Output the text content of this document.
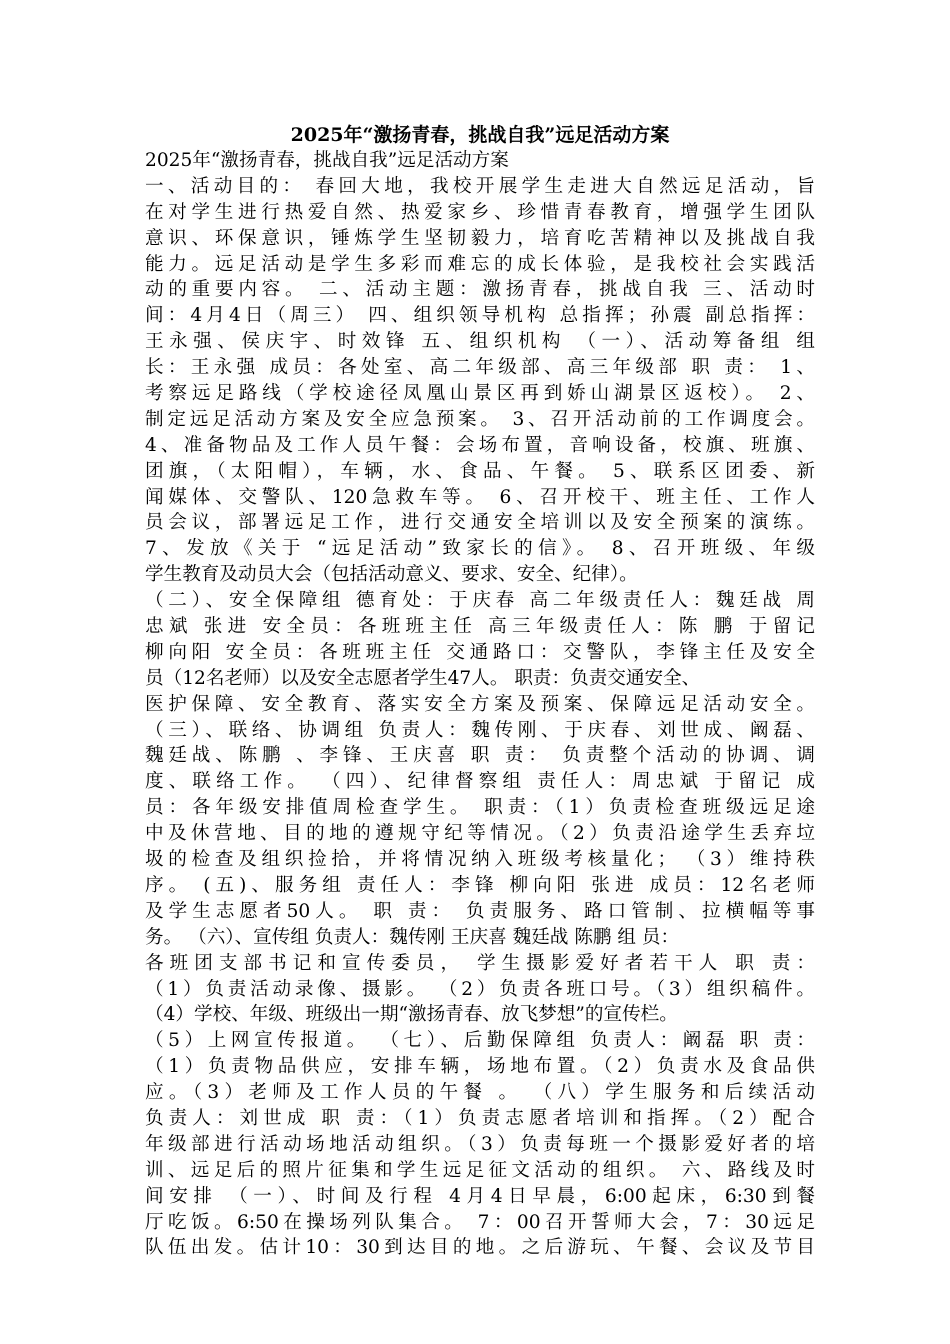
2025年“激扬青春，挑战自我”远足活动方案
2025年“激扬青春，挑战自我”远足活动方案
一、活动目的： 春回大地，我校开展学生走进大自然远足活动，旨
在对学生进行热爱自然、热爱家乡、珍惜青春教育，增强学生团队
意识、环保意识，锤炼学生坚韧毅力，培育吃苦精神以及挑战自我
能力。远足活动是学生多彩而难忘的成长体验，是我校社会实践活
动的重要内容。 二、活动主题：激扬青春，挑战自我 三、活动时
间：4月4日（周三） 四、组织领导机构 总指挥；孙震 副总指挥：
王永强、侯庆宇、时效锋 五、组织机构 （一）、活动筹备组 组
长：王永强 成员：各处室、高二年级部、高三年级部 职 责： 1、
考察远足路线（学校途径凤凰山景区再到娇山湖景区返校）。 2、
制定远足活动方案及安全应急预案。 3、召开活动前的工作调度会。
4、准备物品及工作人员午餐：会场布置，音响设备，校旗、班旗、
团旗，（太阳帽），车辆，水、食品、午餐。 5、联系区团委、新
闻媒体、交警队、120急救车等。 6、召开校干、班主任、工作人
员会议，部署远足工作，进行交通安全培训以及安全预案的演练。
7、发放《关于 “远足活动”致家长的信》。 8、召开班级、年级
学生教育及动员大会（包括活动意义、要求、安全、纪律）。
（二）、安全保障组 德育处：于庆春 高二年级责任人：魏廷战 周
忠斌 张进 安全员：各班班主任 高三年级责任人：陈 鹏 于留记
柳向阳 安全员：各班班主任 交通路口：交警队，李锋主任及安全
员（12名老师）以及安全志愿者学生47人。 职责：负责交通安全、
医护保障、安全教育、落实安全方案及预案、保障远足活动安全。
（三）、联络、协调组 负责人：魏传刚、于庆春、刘世成、阚磊、
魏廷战、陈鹏 、李锋、王庆喜 职 责： 负责整个活动的协调、调
度、联络工作。 （四）、纪律督察组 责任人：周忠斌 于留记 成
员：各年级安排值周检查学生。 职责：（1）负责检查班级远足途
中及休营地、目的地的遵规守纪等情况。（2）负责沿途学生丢弃垃
圾的检查及组织捡拾，并将情况纳入班级考核量化； （3）维持秩
序。 (五)、服务组 责任人：李锋 柳向阳 张进 成员：12名老师
及学生志愿者50人。 职 责： 负责服务、路口管制、拉横幅等事
务。 （六）、宣传组 负责人：魏传刚 王庆喜 魏廷战 陈鹏 组 员：
各班团支部书记和宣传委员， 学生摄影爱好者若干人 职 责：
（1）负责活动录像、摄影。 （2）负责各班口号。（3）组织稿件。
（4）学校、年级、班级出一期“激扬青春、放飞梦想”的宣传栏。
（5）上网宣传报道。 （七）、后勤保障组 负责人：阚磊 职 责：
（1）负责物品供应，安排车辆，场地布置。（2）负责水及食品供
应。（3）老师及工作人员的午餐 。 （八）学生服务和后续活动
负责人：刘世成 职 责：（1）负责志愿者培训和指挥。（2）配合
年级部进行活动场地活动组织。（3）负责每班一个摄影爱好者的培
训、远足后的照片征集和学生远足征文活动的组织。 六、路线及时
间安排 （一）、时间及行程 4月4日早晨，6:00起床，6:30到餐
厅吃饭。6:50在操场列队集合。 7：00召开誓师大会，7：30远足
队伍出发。估计10：30到达目的地。之后游玩、午餐、会议及节目
